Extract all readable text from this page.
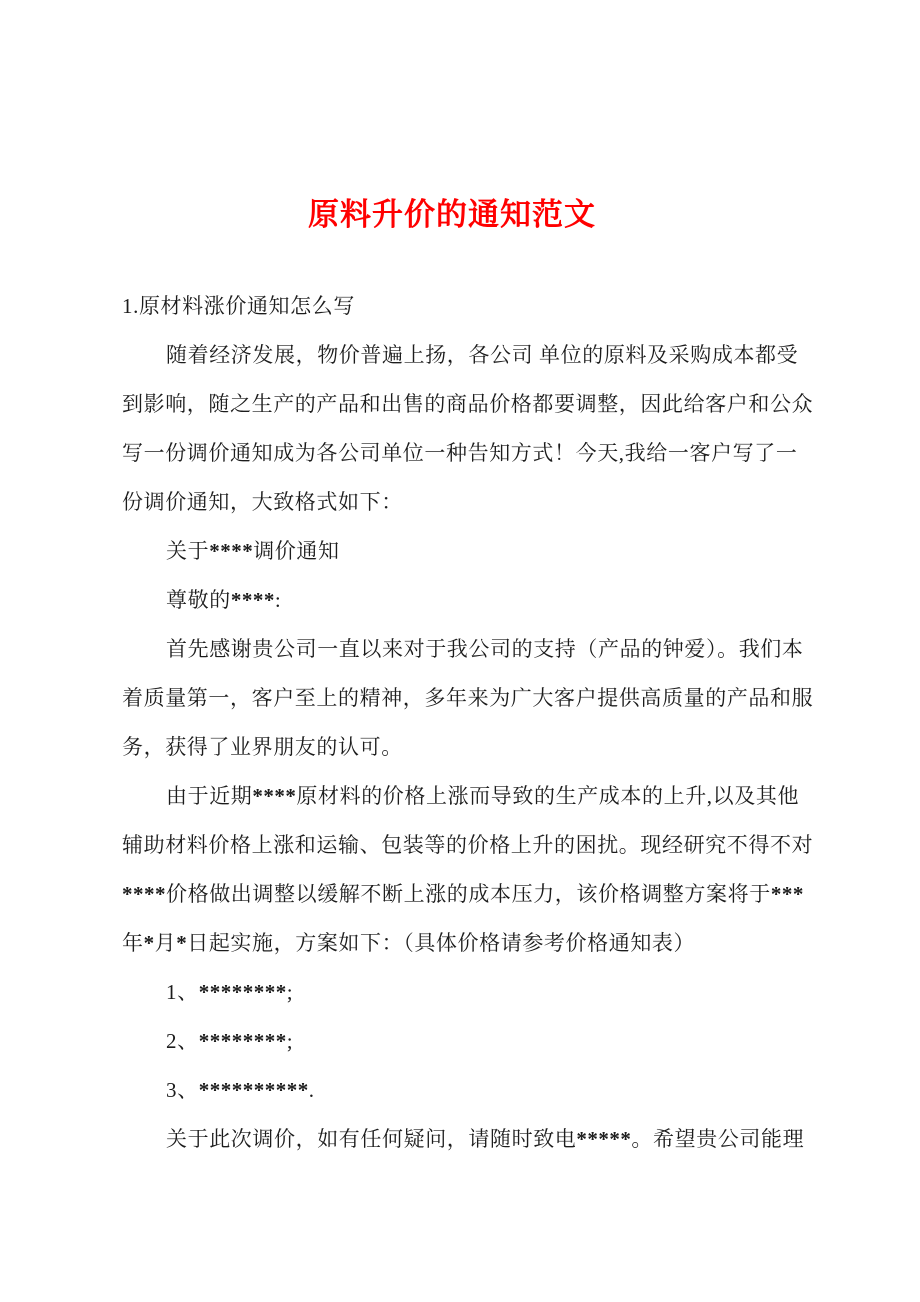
原料升价的通知范文
1.原材料涨价通知怎么写
随着经济发展，物价普遍上扬，各公司 单位的原料及采购成本都受
到影响，随之生产的产品和出售的商品价格都要调整，因此给客户和公众
写一份调价通知成为各公司单位一种告知方式！今天,我给一客户写了一
份调价通知，大致格式如下：
关于****调价通知
尊敬的****:
首先感谢贵公司一直以来对于我公司的支持（产品的钟爱）。我们本
着质量第一，客户至上的精神，多年来为广大客户提供高质量的产品和服
务，获得了业界朋友的认可。
由于近期****原材料的价格上涨而导致的生产成本的上升,以及其他
辅助材料价格上涨和运输、包装等的价格上升的困扰。现经研究不得不对
****价格做出调整以缓解不断上涨的成本压力，该价格调整方案将于***
年*月*日起实施，方案如下：（具体价格请参考价格通知表）
1、********;
2、********;
3、**********.
关于此次调价，如有任何疑问，请随时致电*****。希望贵公司能理
